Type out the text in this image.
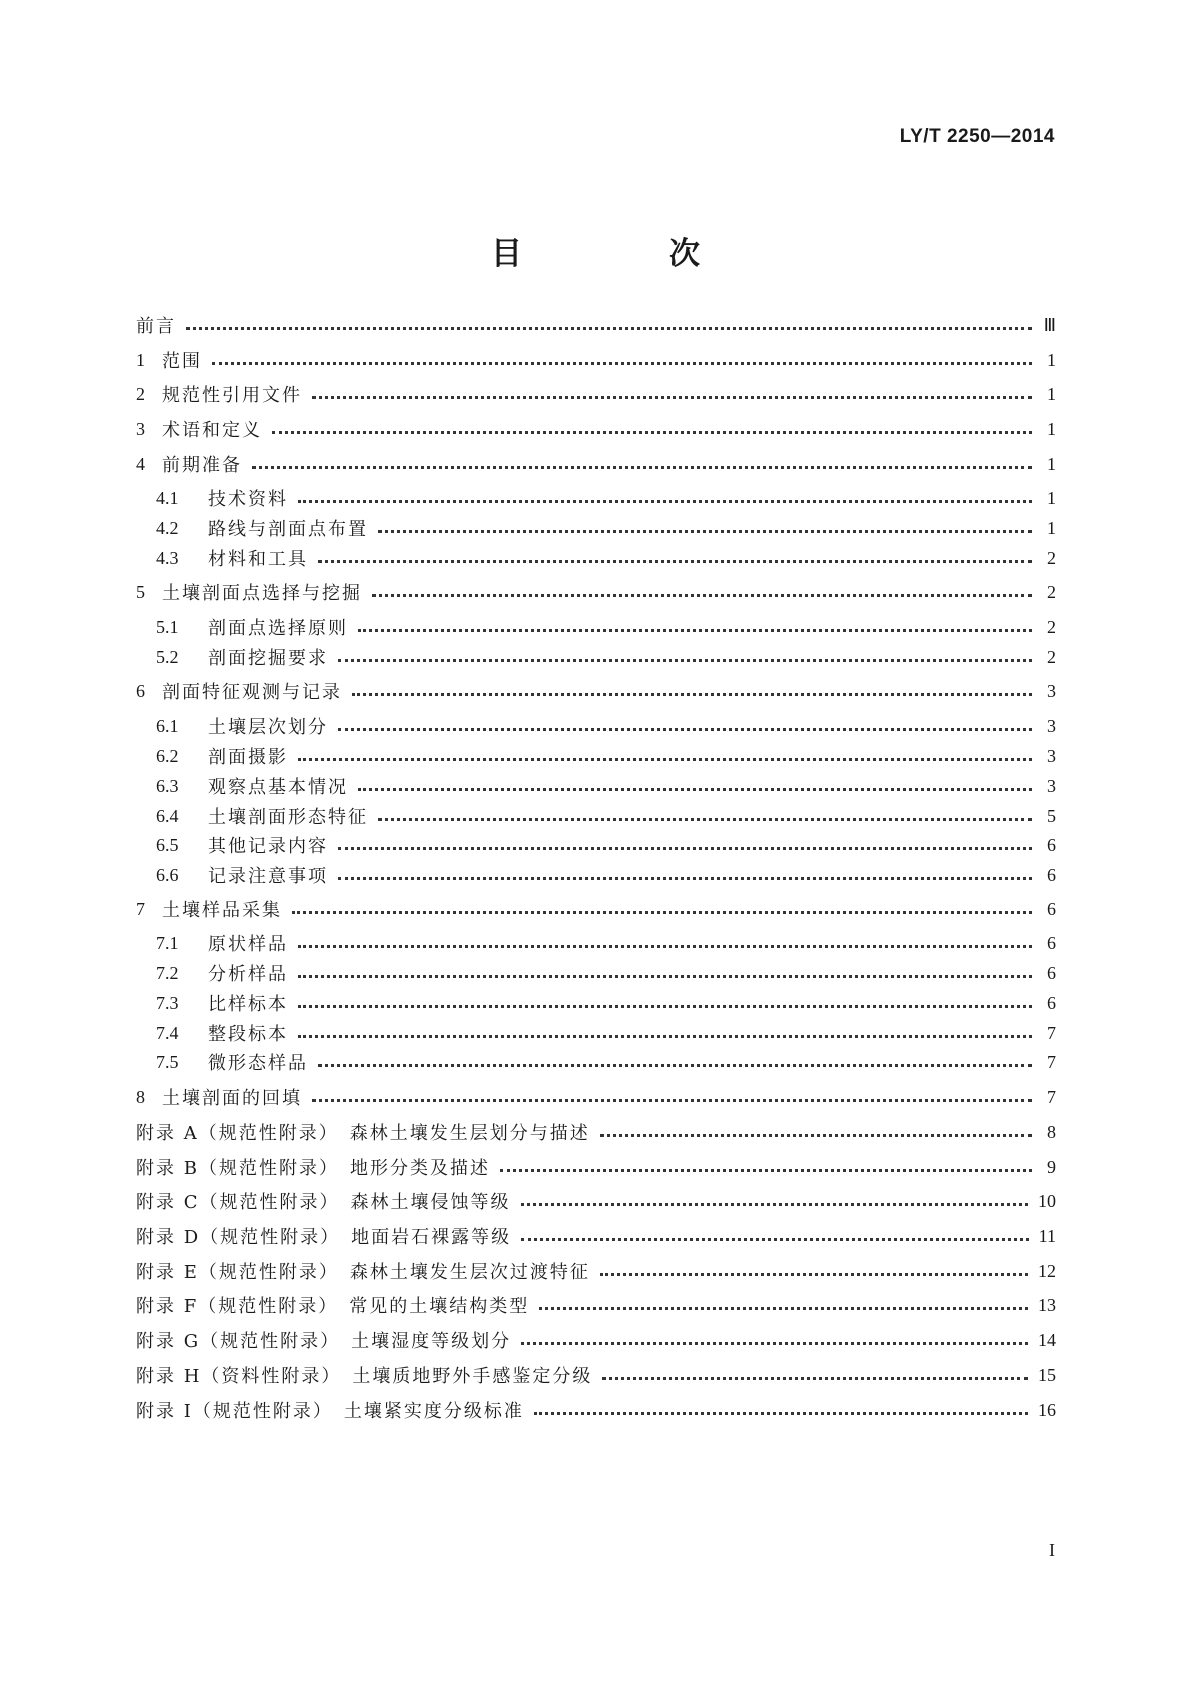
LY/T 2250—2014
目　次
前言	Ⅲ
1 范围	1
2 规范性引用文件	1
3 术语和定义	1
4 前期准备	1
4.1	技术资料	1
4.2	路线与剖面点布置	1
4.3	材料和工具	2
5 土壤剖面点选择与挖掘	2
5.1	剖面点选择原则	2
5.2	剖面挖掘要求	2
6 剖面特征观测与记录	3
6.1	土壤层次划分	3
6.2	剖面摄影	3
6.3	观察点基本情况	3
6.4	土壤剖面形态特征	5
6.5	其他记录内容	6
6.6	记录注意事项	6
7 土壤样品采集	6
7.1	原状样品	6
7.2	分析样品	6
7.3	比样标本	6
7.4	整段标本	7
7.5	微形态样品	7
8 土壤剖面的回填	7
附录 A（规范性附录）　森林土壤发生层划分与描述	8
附录 B（规范性附录）　地形分类及描述	9
附录 C（规范性附录）　森林土壤侵蚀等级	10
附录 D（规范性附录）　地面岩石裸露等级	11
附录 E（规范性附录）　森林土壤发生层次过渡特征	12
附录 F（规范性附录）　常见的土壤结构类型	13
附录 G（规范性附录）　土壤湿度等级划分	14
附录 H（资料性附录）　土壤质地野外手感鉴定分级	15
附录 I（规范性附录）　土壤紧实度分级标准	16
I
